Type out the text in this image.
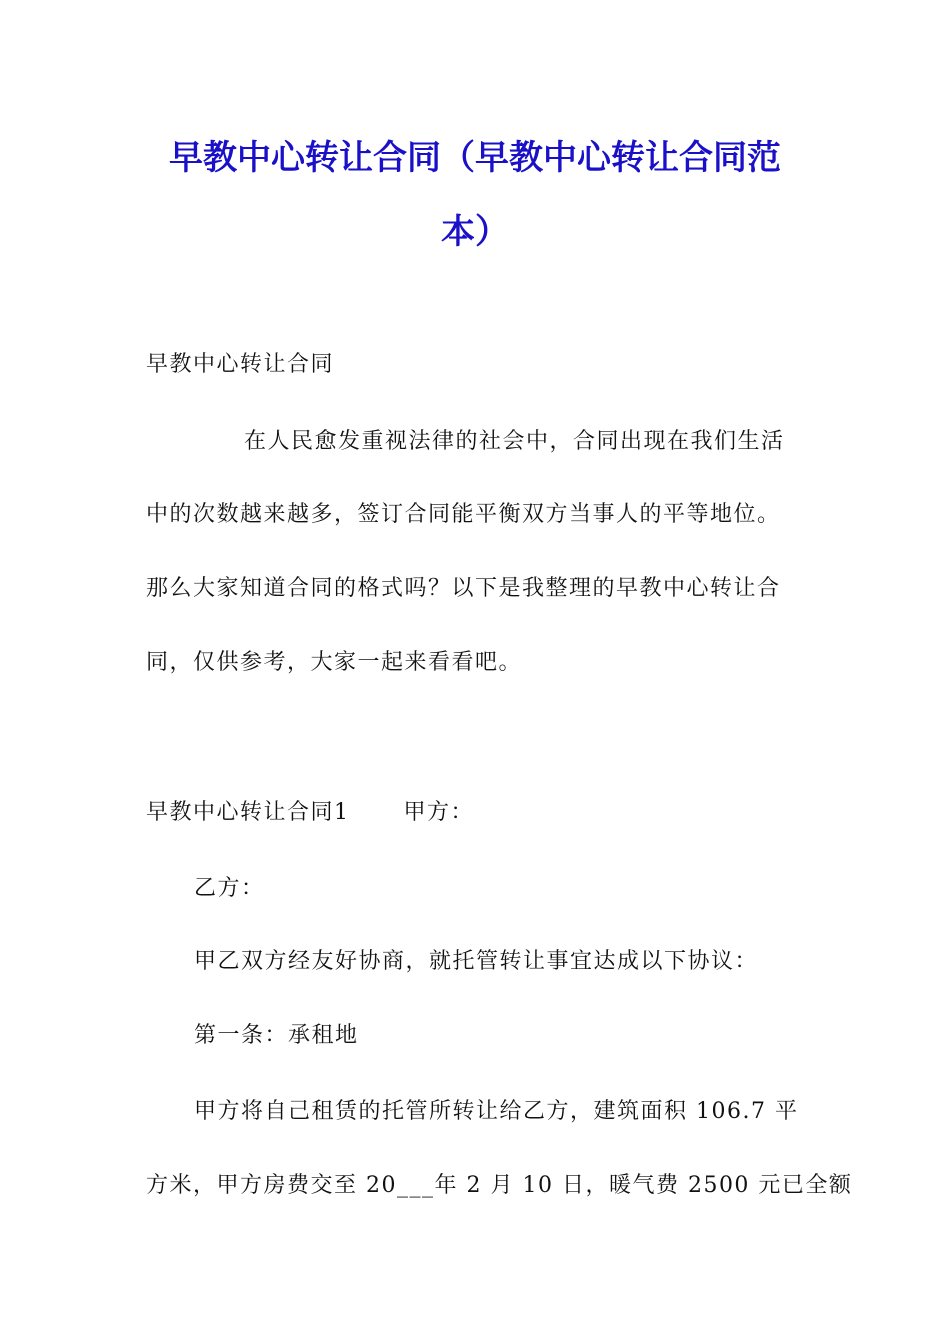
早教中心转让合同（早教中心转让合同范
本）

早教中心转让合同

在人民愈发重视法律的社会中，合同出现在我们生活

中的次数越来越多，签订合同能平衡双方当事人的平等地位。

那么大家知道合同的格式吗？以下是我整理的早教中心转让合

同，仅供参考，大家一起来看看吧。

早教中心转让合同1 甲方：

乙方：

甲乙双方经友好协商，就托管转让事宜达成以下协议：

第一条：承租地

甲方将自己租赁的托管所转让给乙方，建筑面积 106.7 平

方米，甲方房费交至 20___年 2 月 10 日，暖气费 2500 元已全额
